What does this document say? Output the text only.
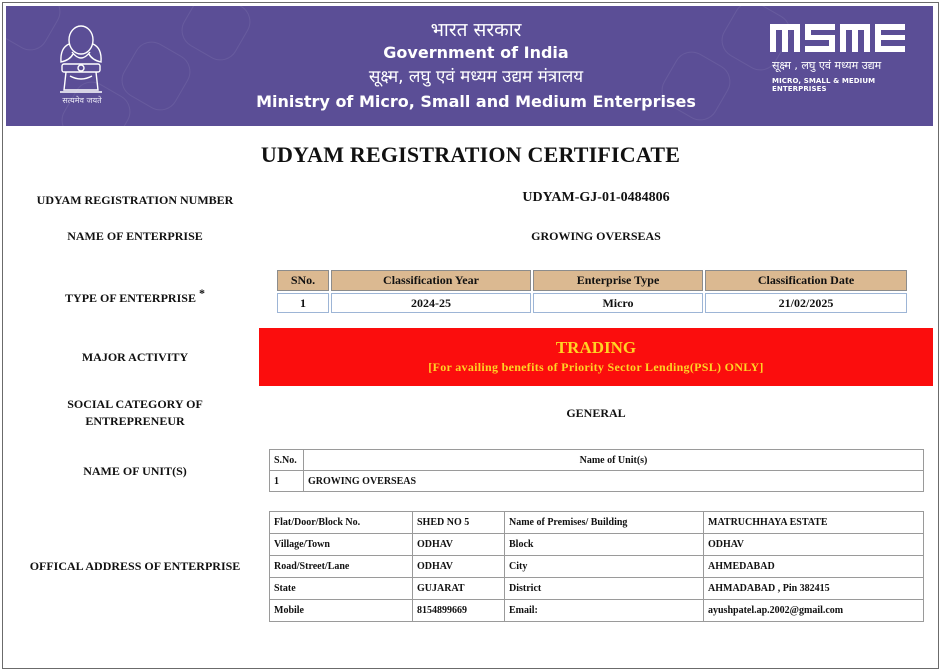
सत्यमेव जयते
भारत सरकार
Government of India
सूक्ष्म, लघु एवं मध्यम उद्यम मंत्रालय
Ministry of Micro, Small and Medium Enterprises
सूक्ष्म , लघु एवं मध्यम उद्यम
MICRO, SMALL & MEDIUM ENTERPRISES
UDYAM REGISTRATION CERTIFICATE
UDYAM REGISTRATION NUMBER	UDYAM-GJ-01-0484806
NAME OF ENTERPRISE	GROWING OVERSEAS
TYPE OF ENTERPRISE *
SNo.	Classification Year	Enterprise Type	Classification Date
1	2024-25	Micro	21/02/2025
MAJOR ACTIVITY	TRADING
[For availing benefits of Priority Sector Lending(PSL) ONLY]
SOCIAL CATEGORY OF
ENTREPRENEUR
GENERAL
NAME OF UNIT(S)
S.No.	Name of Unit(s)
1	GROWING OVERSEAS
OFFICAL ADDRESS OF ENTERPRISE
Flat/Door/Block No.	SHED NO 5	Name of Premises/ Building	MATRUCHHAYA ESTATE
Village/Town	ODHAV	Block	ODHAV
Road/Street/Lane	ODHAV	City	AHMEDABAD
State	GUJARAT	District	AHMADABAD , Pin 382415
Mobile	8154899669	Email:	ayushpatel.ap.2002@gmail.com
